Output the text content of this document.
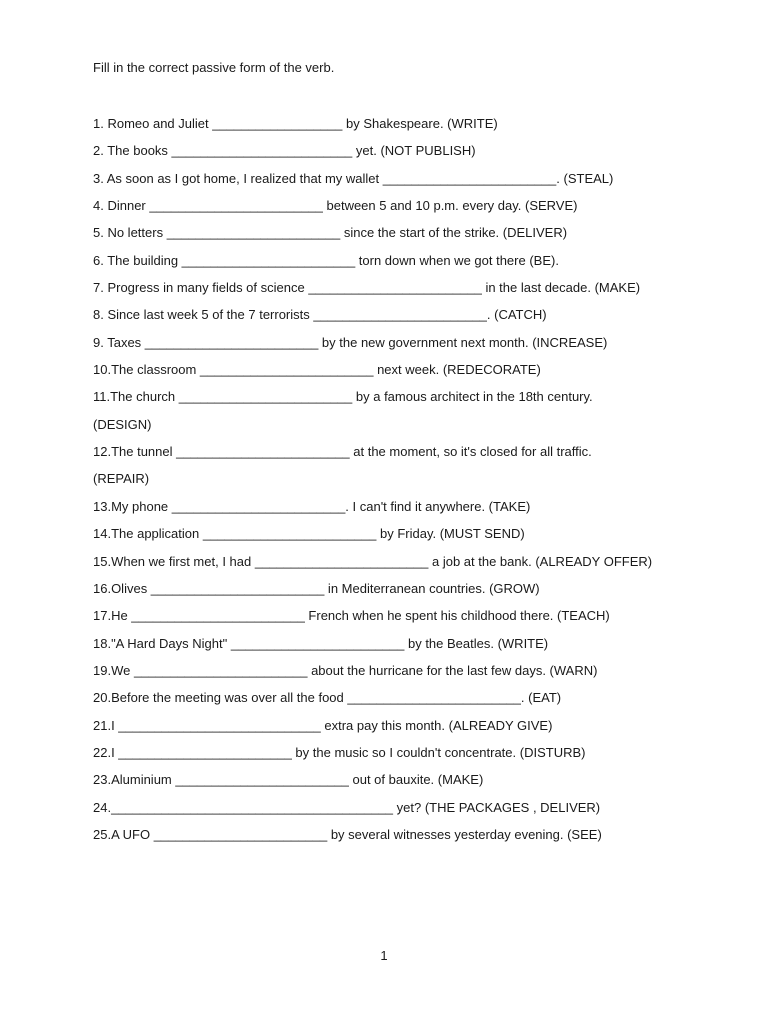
Fill in the correct passive form of the verb.
1. Romeo and Juliet __________________ by Shakespeare. (WRITE)
2. The books _________________________ yet. (NOT PUBLISH)
3. As soon as I got home, I realized that my wallet ________________________. (STEAL)
4. Dinner ________________________ between 5 and 10 p.m. every day. (SERVE)
5. No letters ________________________ since the start of the strike. (DELIVER)
6. The building ________________________ torn down when we got there (BE).
7. Progress in many fields of science ________________________ in the last decade. (MAKE)
8. Since last week 5 of the 7 terrorists ________________________. (CATCH)
9. Taxes ________________________ by the new government next month. (INCREASE)
10.The classroom ________________________ next week. (REDECORATE)
11.The church ________________________ by a famous architect in the 18th century.
(DESIGN)
12.The tunnel ________________________ at the moment, so it's closed for all traffic.
(REPAIR)
13.My phone ________________________. I can't find it anywhere. (TAKE)
14.The application ________________________ by Friday. (MUST SEND)
15.When we first met, I had ________________________ a job at the bank. (ALREADY OFFER)
16.Olives ________________________ in Mediterranean countries. (GROW)
17.He ________________________ French when he spent his childhood there. (TEACH)
18."A Hard Days Night" ________________________ by the Beatles. (WRITE)
19.We ________________________ about the hurricane for the last few days. (WARN)
20.Before the meeting was over all the food ________________________. (EAT)
21.I ____________________________ extra pay this month. (ALREADY GIVE)
22.I ________________________ by the music so I couldn't concentrate. (DISTURB)
23.Aluminium ________________________ out of bauxite. (MAKE)
24._______________________________________ yet? (THE PACKAGES , DELIVER)
25.A UFO ________________________ by several witnesses yesterday evening. (SEE)
1
